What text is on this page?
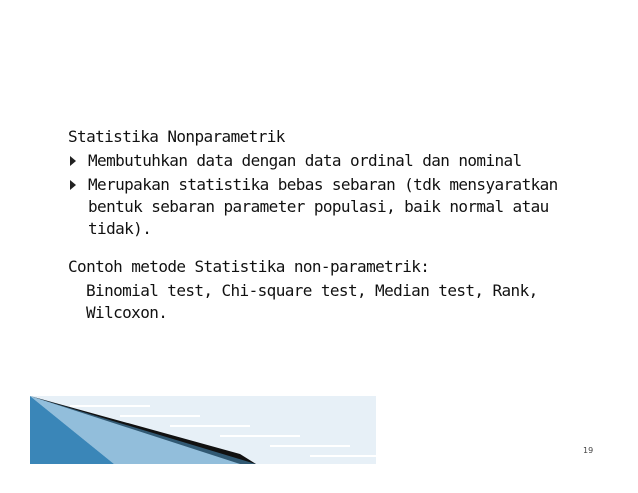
Statistika Nonparametrik
Membutuhkan data dengan data ordinal dan nominal
Merupakan statistika bebas sebaran (tdk mensyaratkan bentuk sebaran parameter populasi, baik normal atau tidak).
Contoh metode Statistika non-parametrik:
Binomial test, Chi-square test, Median test, Rank, Wilcoxon.
19
